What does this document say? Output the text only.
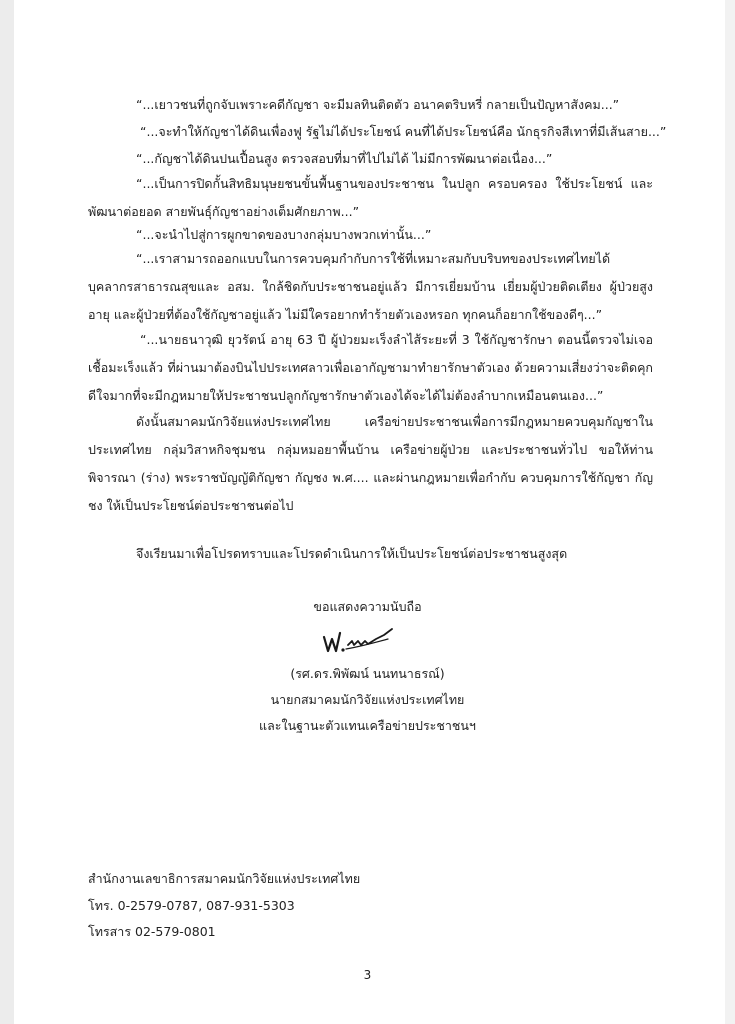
“...เยาวชนที่ถูกจับเพราะคดีกัญชา จะมีมลทินติดตัว อนาคตริบหรี่ กลายเป็นปัญหาสังคม...”
“...จะทำให้กัญชาได้ดินเพื่องฟู รัฐไม่ได้ประโยชน์ คนที่ได้ประโยชน์คือ นักธุรกิจสีเทาที่มีเส้นสาย...”
“...กัญชาได้ดินปนเปื้อนสูง ตรวจสอบที่มาที่ไปไม่ได้ ไม่มีการพัฒนาต่อเนื่อง...”
“...เป็นการปิดกั้นสิทธิมนุษยชนขั้นพื้นฐานของประชาชน ในปลูก ครอบครอง ใช้ประโยชน์ และพัฒนาต่อยอด สายพันธุ์กัญชาอย่างเต็มศักยภาพ...”
“...จะนำไปสู่การผูกขาดของบางกลุ่มบางพวกเท่านั้น...”
“...เราสามารถออกแบบในการควบคุมกำกับการใช้ที่เหมาะสมกับบริบทของประเทศไทยได้ บุคลากรสาธารณสุขและ อสม. ใกล้ชิดกับประชาชนอยู่แล้ว มีการเยี่ยมบ้าน เยี่ยมผู้ป่วยติดเตียง ผู้ป่วยสูงอายุ และผู้ป่วยที่ต้องใช้กัญชาอยู่แล้ว ไม่มีใครอยากทำร้ายตัวเองหรอก ทุกคนก็อยากใช้ของดีๆ...”
“...นายธนาวุฒิ ยุวรัตน์ อายุ 63 ปี ผู้ป่วยมะเร็งลำไส้ระยะที่ 3 ใช้กัญชารักษา ตอนนี้ตรวจไม่เจอเชื้อมะเร็งแล้ว ที่ผ่านมาต้องบินไปประเทศลาวเพื่อเอากัญชามาทำยารักษาตัวเอง ด้วยความเสี่ยงว่าจะติดคุก ดีใจมากที่จะมีกฎหมายให้ประชาชนปลูกกัญชารักษาตัวเองได้จะได้ไม่ต้องลำบากเหมือนตนเอง...”
ดังนั้นสมาคมนักวิจัยแห่งประเทศไทย เครือข่ายประชาชนเพื่อการมีกฎหมายควบคุมกัญชาในประเทศไทย กลุ่มวิสาหกิจชุมชน กลุ่มหมอยาพื้นบ้าน เครือข่ายผู้ป่วย และประชาชนทั่วไป ขอให้ท่านพิจารณา (ร่าง) พระราชบัญญัติกัญชา กัญชง พ.ศ.... และผ่านกฎหมายเพื่อกำกับ ควบคุมการใช้กัญชา กัญชง ให้เป็นประโยชน์ต่อประชาชนต่อไป
จึงเรียนมาเพื่อโปรดทราบและโปรดดำเนินการให้เป็นประโยชน์ต่อประชาชนสูงสุด
ขอแสดงความนับถือ
(รศ.ดร.พิพัฒน์ นนทนาธรณ์)
นายกสมาคมนักวิจัยแห่งประเทศไทย
และในฐานะตัวแทนเครือข่ายประชาชนฯ
สำนักงานเลขาธิการสมาคมนักวิจัยแห่งประเทศไทย
โทร. 0-2579-0787, 087-931-5303
โทรสาร 02-579-0801
3
